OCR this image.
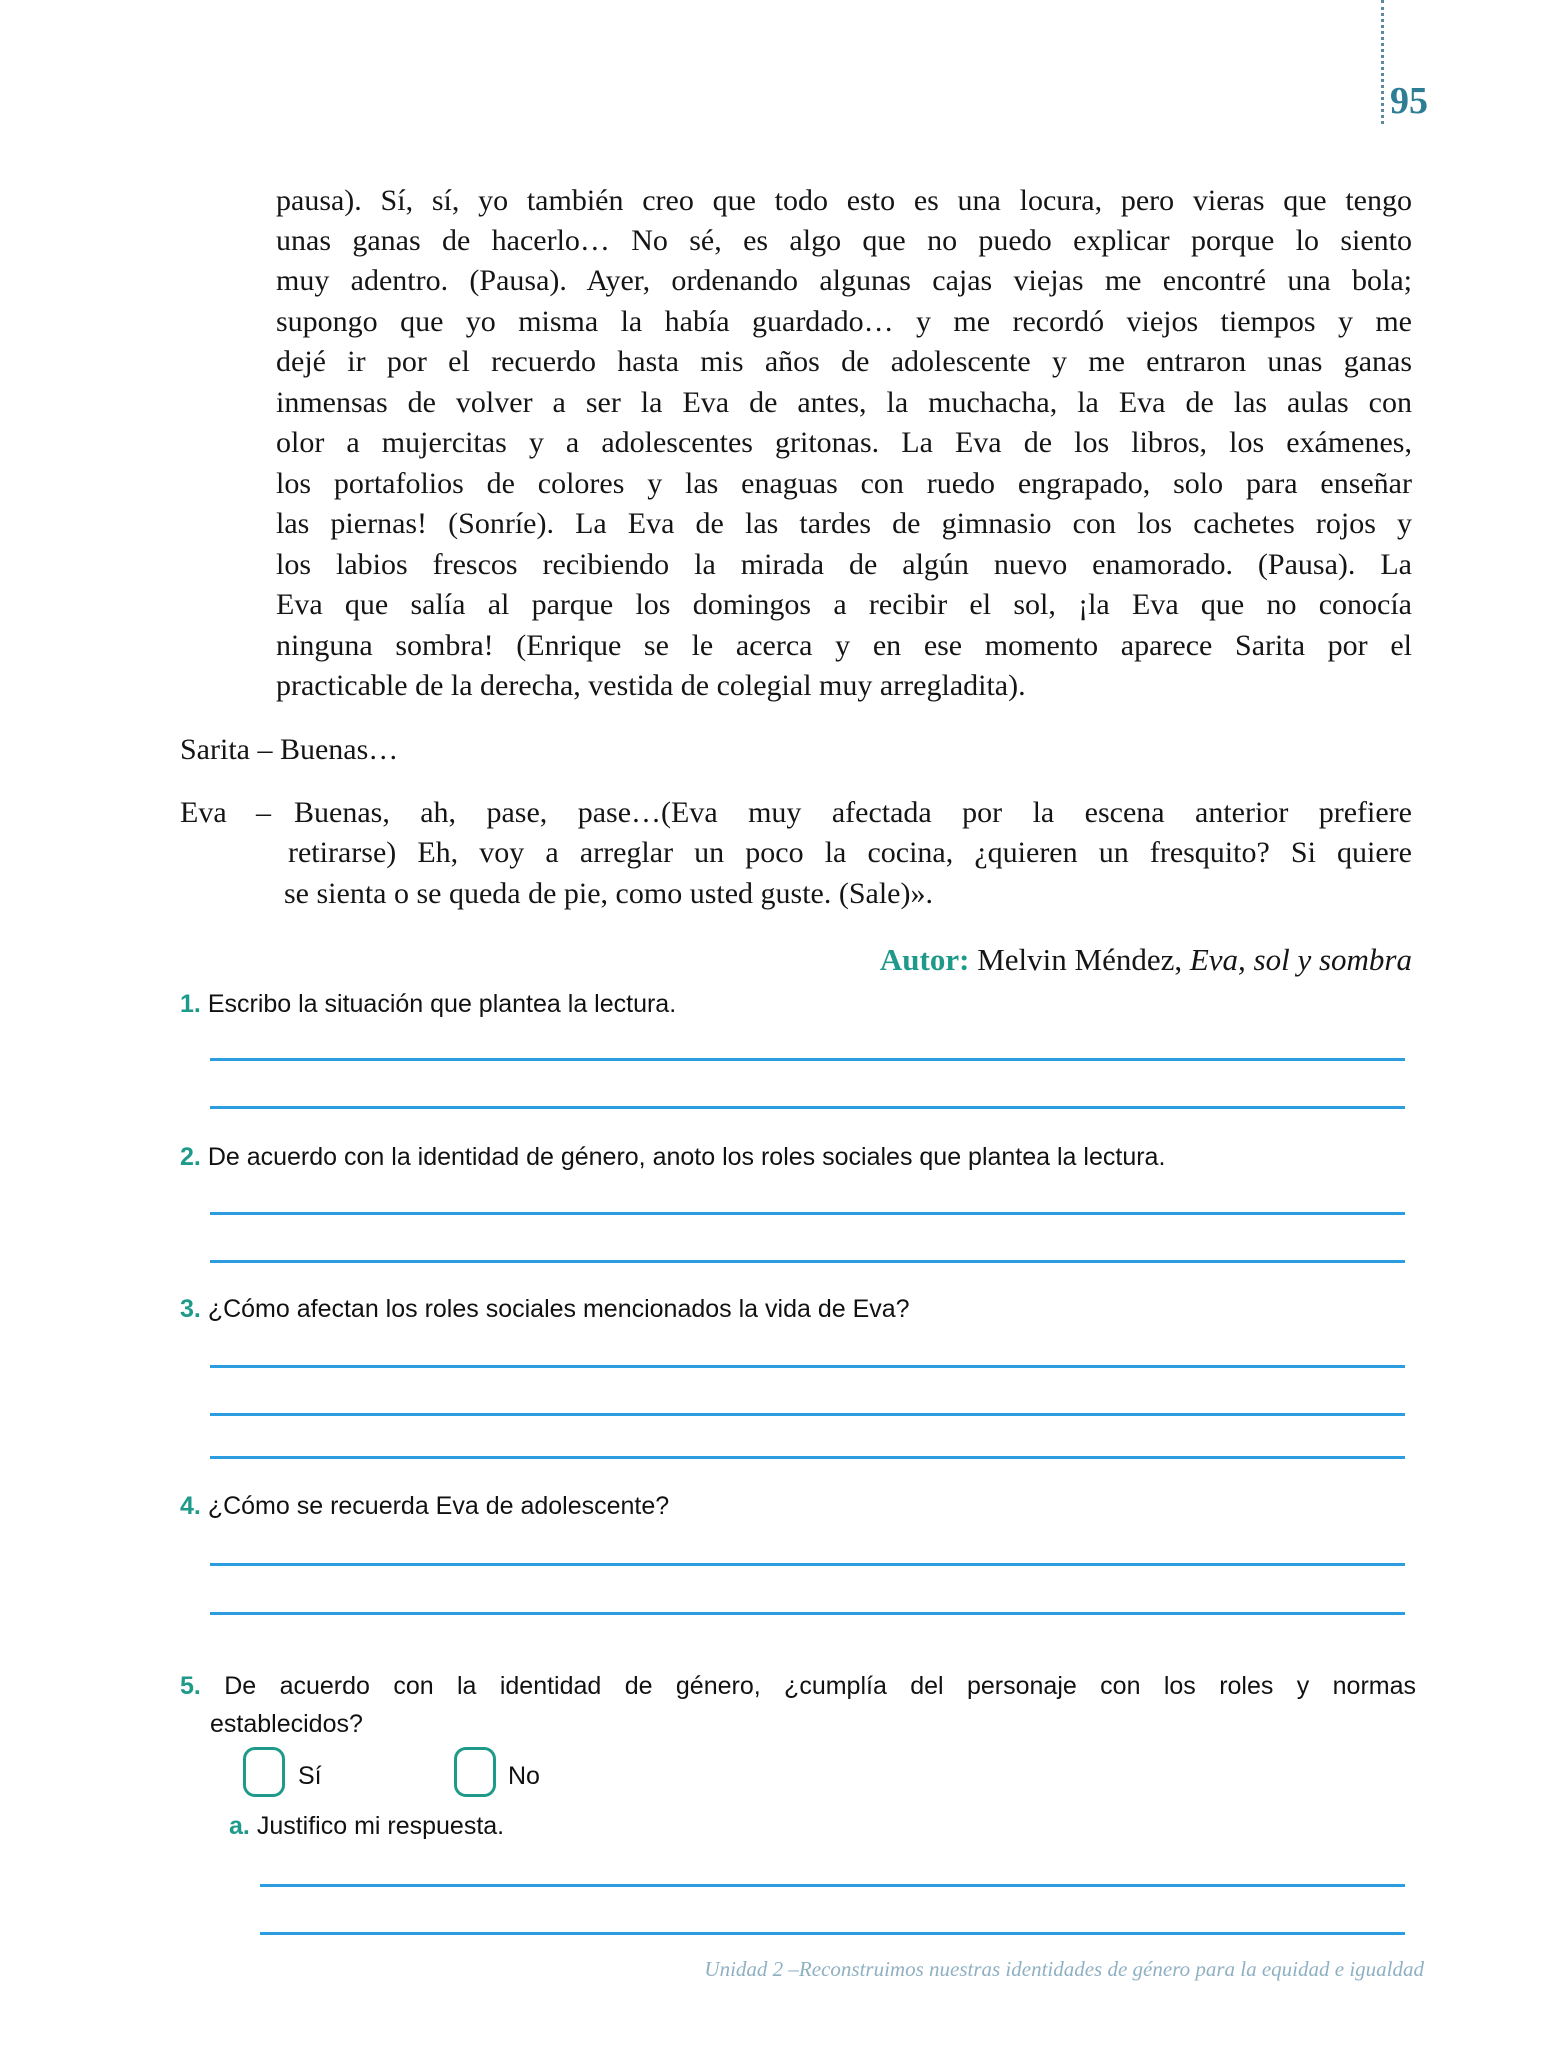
95
pausa). Sí, sí, yo también creo que todo esto es una locura, pero vieras que tengo
unas ganas de hacerlo… No sé, es algo que no puedo explicar porque lo siento
muy adentro. (Pausa). Ayer, ordenando algunas cajas viejas me encontré una bola;
supongo que yo misma la había guardado… y me recordó viejos tiempos y me
dejé ir por el recuerdo hasta mis años de adolescente y me entraron unas ganas
inmensas de volver a ser la Eva de antes, la muchacha, la Eva de las aulas con
olor a mujercitas y a adolescentes gritonas. La Eva de los libros, los exámenes,
los portafolios de colores y las enaguas con ruedo engrapado, solo para enseñar
las piernas! (Sonríe). La Eva de las tardes de gimnasio con los cachetes rojos y
los labios frescos recibiendo la mirada de algún nuevo enamorado. (Pausa). La
Eva que salía al parque los domingos a recibir el sol, ¡la Eva que no conocía
ninguna sombra! (Enrique se le acerca y en ese momento aparece Sarita por el
practicable de la derecha, vestida de colegial muy arregladita).
Sarita – Buenas…
Eva – Buenas, ah, pase, pase…(Eva muy afectada por la escena anterior prefiere
retirarse) Eh, voy a arreglar un poco la cocina, ¿quieren un fresquito? Si quiere
se sienta o se queda de pie, como usted guste. (Sale)».
Autor: Melvin Méndez, Eva, sol y sombra
1. Escribo la situación que plantea la lectura.
2. De acuerdo con la identidad de género, anoto los roles sociales que plantea la lectura.
3. ¿Cómo afectan los roles sociales mencionados la vida de Eva?
4. ¿Cómo se recuerda Eva de adolescente?
5. De acuerdo con la identidad de género, ¿cumplía del personaje con los roles y normas
establecidos?
Sí	No
a. Justifico mi respuesta.
Unidad 2 –Reconstruimos nuestras identidades de género para la equidad e igualdad
